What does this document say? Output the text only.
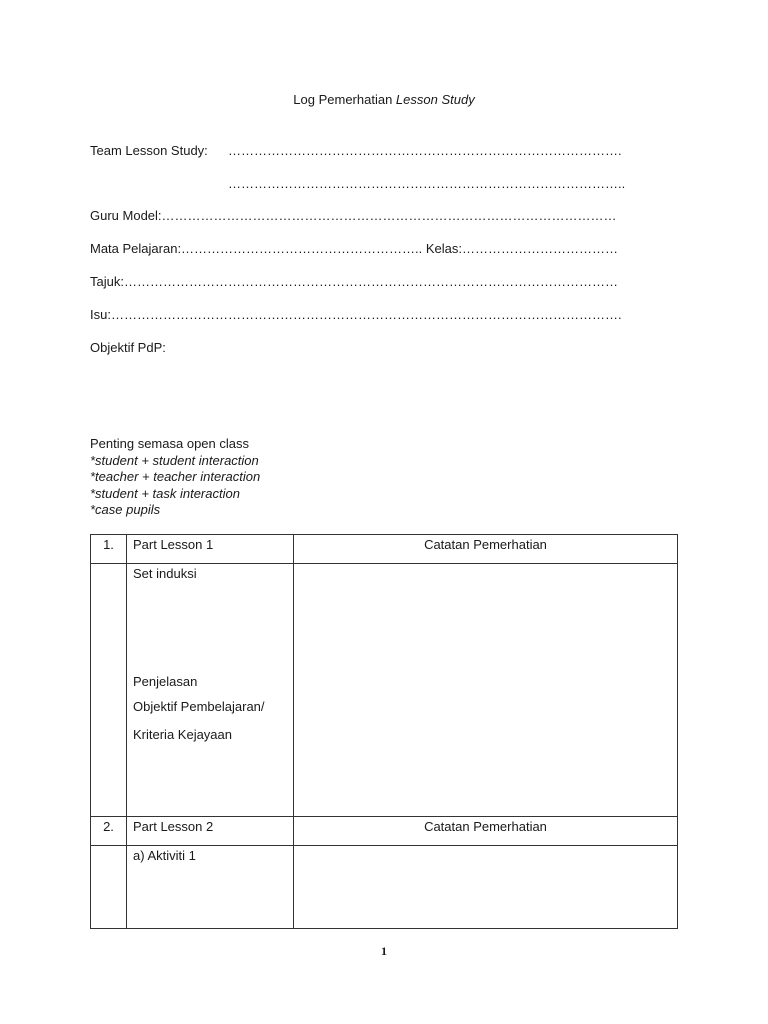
Log Pemerhatian Lesson Study
Team Lesson Study: ……………………………………………………………………………….
………………………………………………………………………………..
Guru Model:……………………………………………………………………………………………
Mata Pelajaran:……………………………………………….. Kelas:………………………………
Tajuk:……………………………………………………………………………………………………
Isu:……………………………………………………………………………………………………….
Objektif PdP:
Penting semasa open class
*student + student interaction
*teacher + teacher interaction
*student + task interaction
*case pupils
1.	Part Lesson 1	Catatan Pemerhatian

	Set induksi
Penjelasan
Objektif Pembelajaran/
Kriteria Kejayaan	

2.	Part Lesson 2	Catatan Pemerhatian

	a) Aktiviti 1	

1
